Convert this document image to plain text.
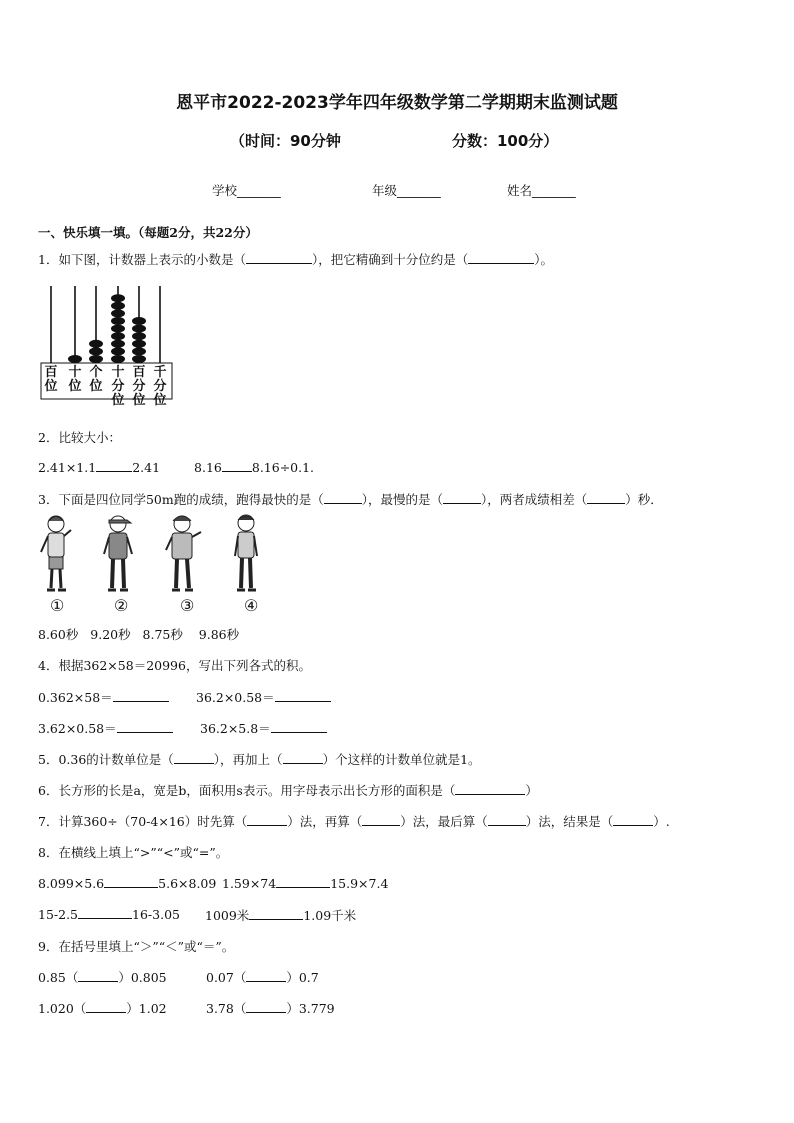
恩平市2022-2023学年四年级数学第二学期期末监测试题
（时间：90分钟	分数：100分）
学校_______	年级_______	姓名_______
一、快乐填一填。（每题2分，共22分）
1．如下图，计数器上表示的小数是（	），把它精确到十分位约是（	）。
百
位
十
位
个
位
十
分
位
百
分
位
千
分
位
2．比较大小：
2.41×1.1	2.41	8.16 8.16÷0.1.
3．下面是四位同学50m跑的成绩，跑得最快的是（	），最慢的是（	），两者成绩相差（	）秒．
①	②	③	④
8.60秒 9.20秒 8.75秒 9.86秒
4．根据362×58＝20996，写出下列各式的积。
0.362×58＝	36.2×0.58＝
3.62×0.58＝	36.2×5.8＝
5．0.36的计数单位是（	），再加上（	）个这样的计数单位就是1。
6．长方形的长是a，宽是b，面积用s表示。用字母表示出长方形的面积是（	）
7．计算360÷（70-4×16）时先算（	）法，再算（	）法，最后算（	）法，结果是（	）.
8．在横线上填上“>”“<”或“=”。
8.099×5.6	5.6×8.09 1.59×74	15.9×7.4
15-2.5	16-3.05 1009米	1.09千米
9．在括号里填上“＞”“＜”或“＝”。
0.85（	）0.805	0.07（	）0.7
1.020（	）1.02	3.78（	）3.779
